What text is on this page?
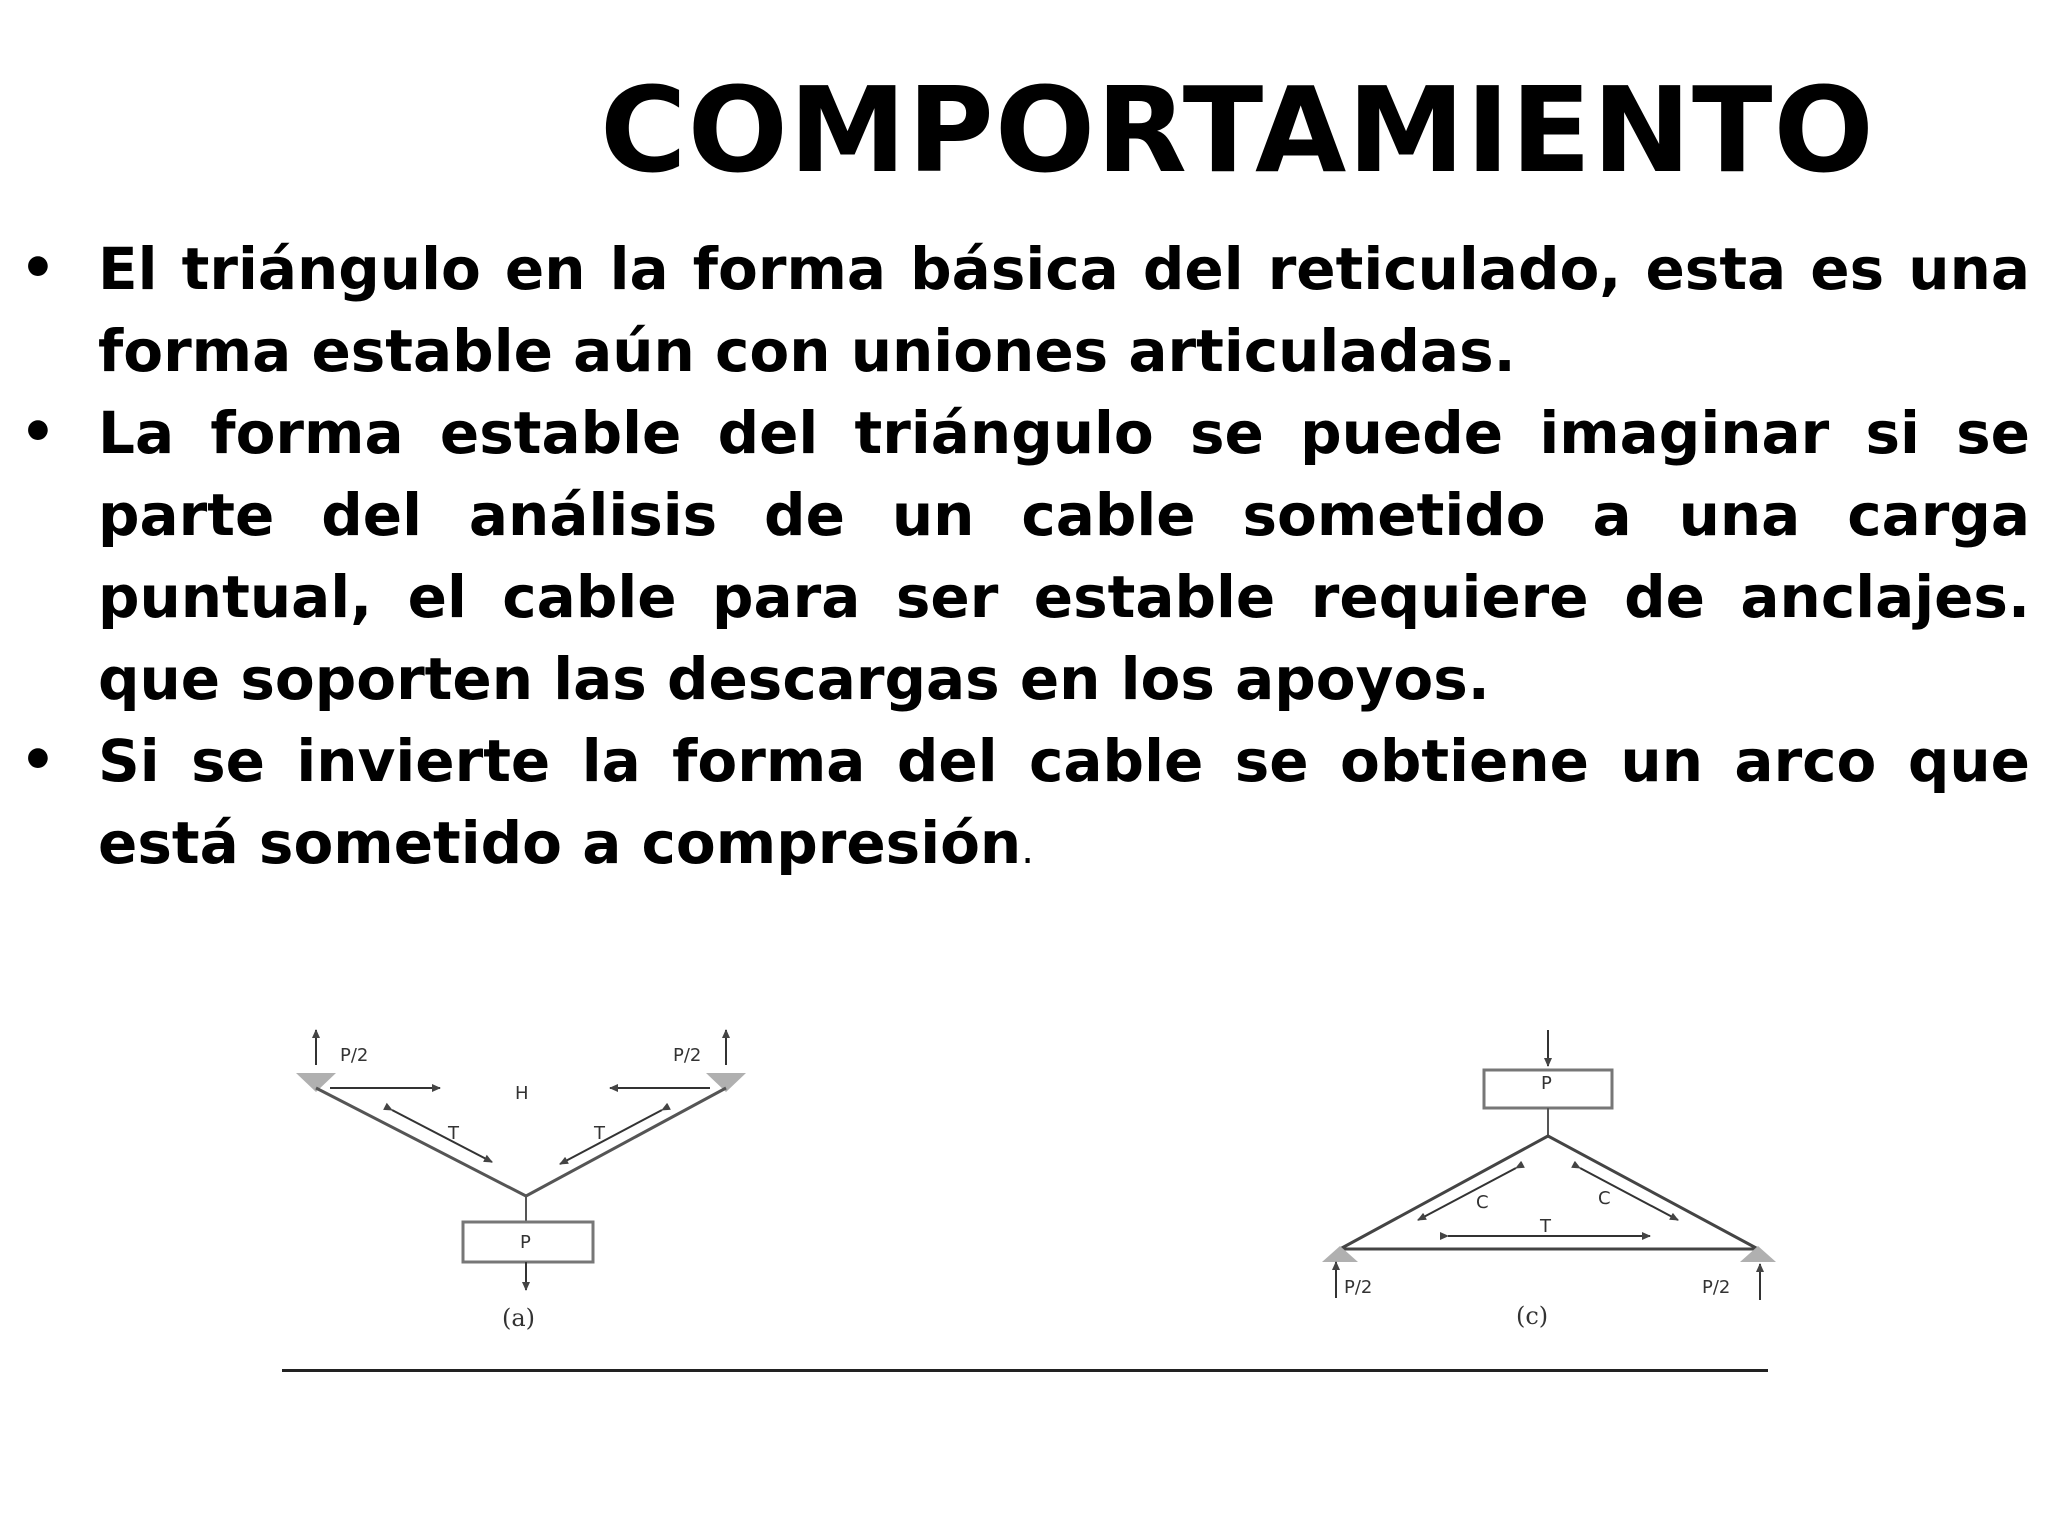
COMPORTAMIENTO
• El triángulo en la forma básica del reticulado, esta es una forma estable aún con uniones articuladas.
• La forma estable del triángulo se puede imaginar si se parte del análisis de un cable sometido a una carga puntual, el cable para ser estable requiere de anclajes. que soporten las descargas en los apoyos.
• Si se invierte la forma del cable se obtiene un arco que está sometido a compresión.
P/2	P/2
H
T	T
P
(a)
P
C	C
T
P/2	P/2
(c)
